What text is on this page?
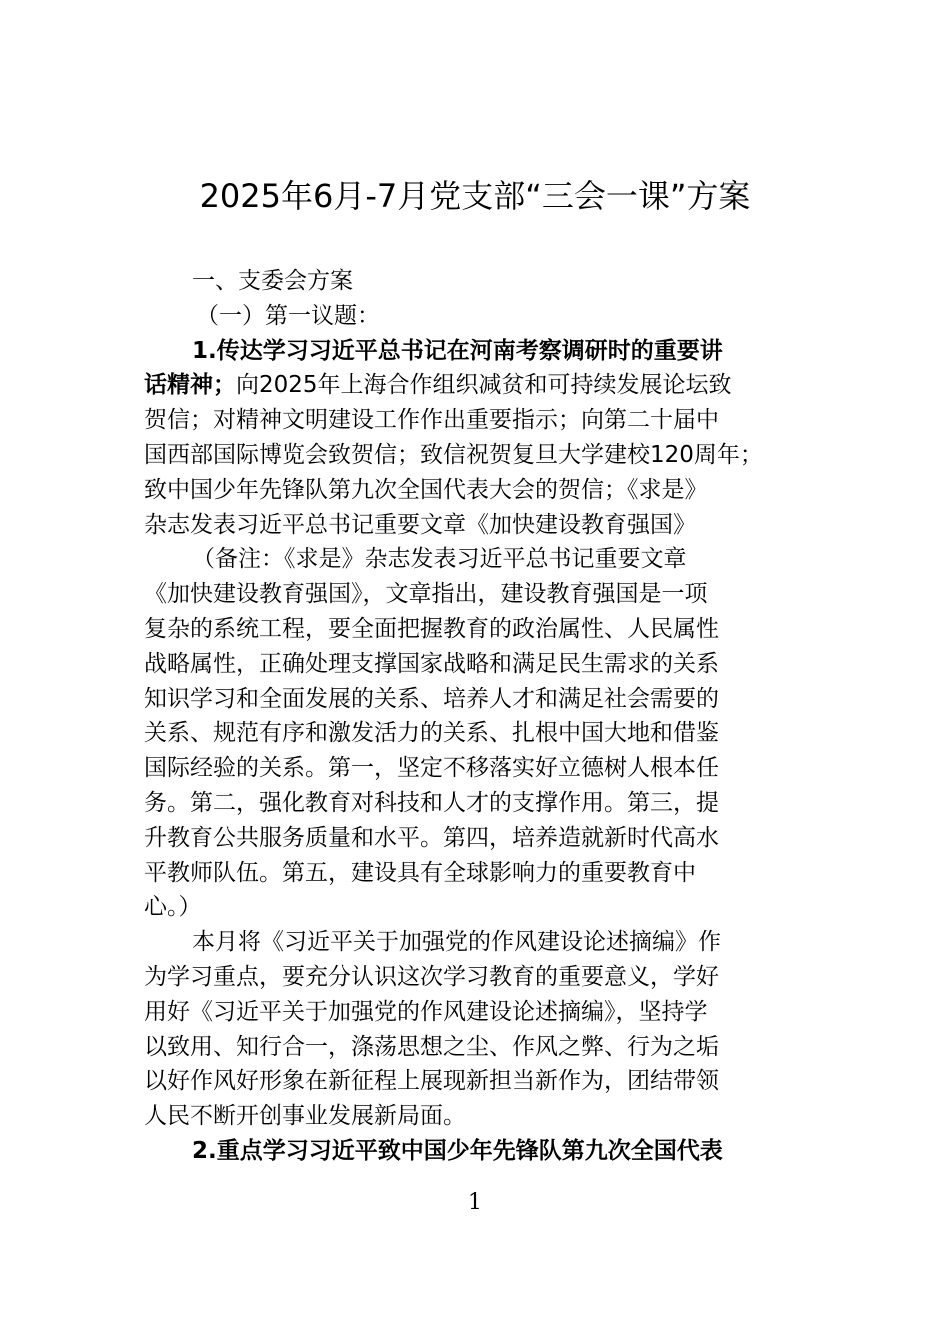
2025年6月-7月党支部“三会一课”方案
一、支委会方案
（一）第一议题：
1.传达学习习近平总书记在河南考察调研时的重要讲
话精神；向2025年上海合作组织减贫和可持续发展论坛致
贺信；对精神文明建设工作作出重要指示；向第二十届中
国西部国际博览会致贺信；致信祝贺复旦大学建校120周年；
致中国少年先锋队第九次全国代表大会的贺信；《求是》
杂志发表习近平总书记重要文章《加快建设教育强国》
（备注：《求是》杂志发表习近平总书记重要文章
《加快建设教育强国》，文章指出，建设教育强国是一项
复杂的系统工程，要全面把握教育的政治属性、人民属性
战略属性，正确处理支撑国家战略和满足民生需求的关系
知识学习和全面发展的关系、培养人才和满足社会需要的
关系、规范有序和激发活力的关系、扎根中国大地和借鉴
国际经验的关系。第一，坚定不移落实好立德树人根本任
务。第二，强化教育对科技和人才的支撑作用。第三，提
升教育公共服务质量和水平。第四，培养造就新时代高水
平教师队伍。第五，建设具有全球影响力的重要教育中
心。）
本月将《习近平关于加强党的作风建设论述摘编》作
为学习重点，要充分认识这次学习教育的重要意义，学好
用好《习近平关于加强党的作风建设论述摘编》，坚持学
以致用、知行合一，涤荡思想之尘、作风之弊、行为之垢
以好作风好形象在新征程上展现新担当新作为，团结带领
人民不断开创事业发展新局面。
2.重点学习习近平致中国少年先锋队第九次全国代表
1
